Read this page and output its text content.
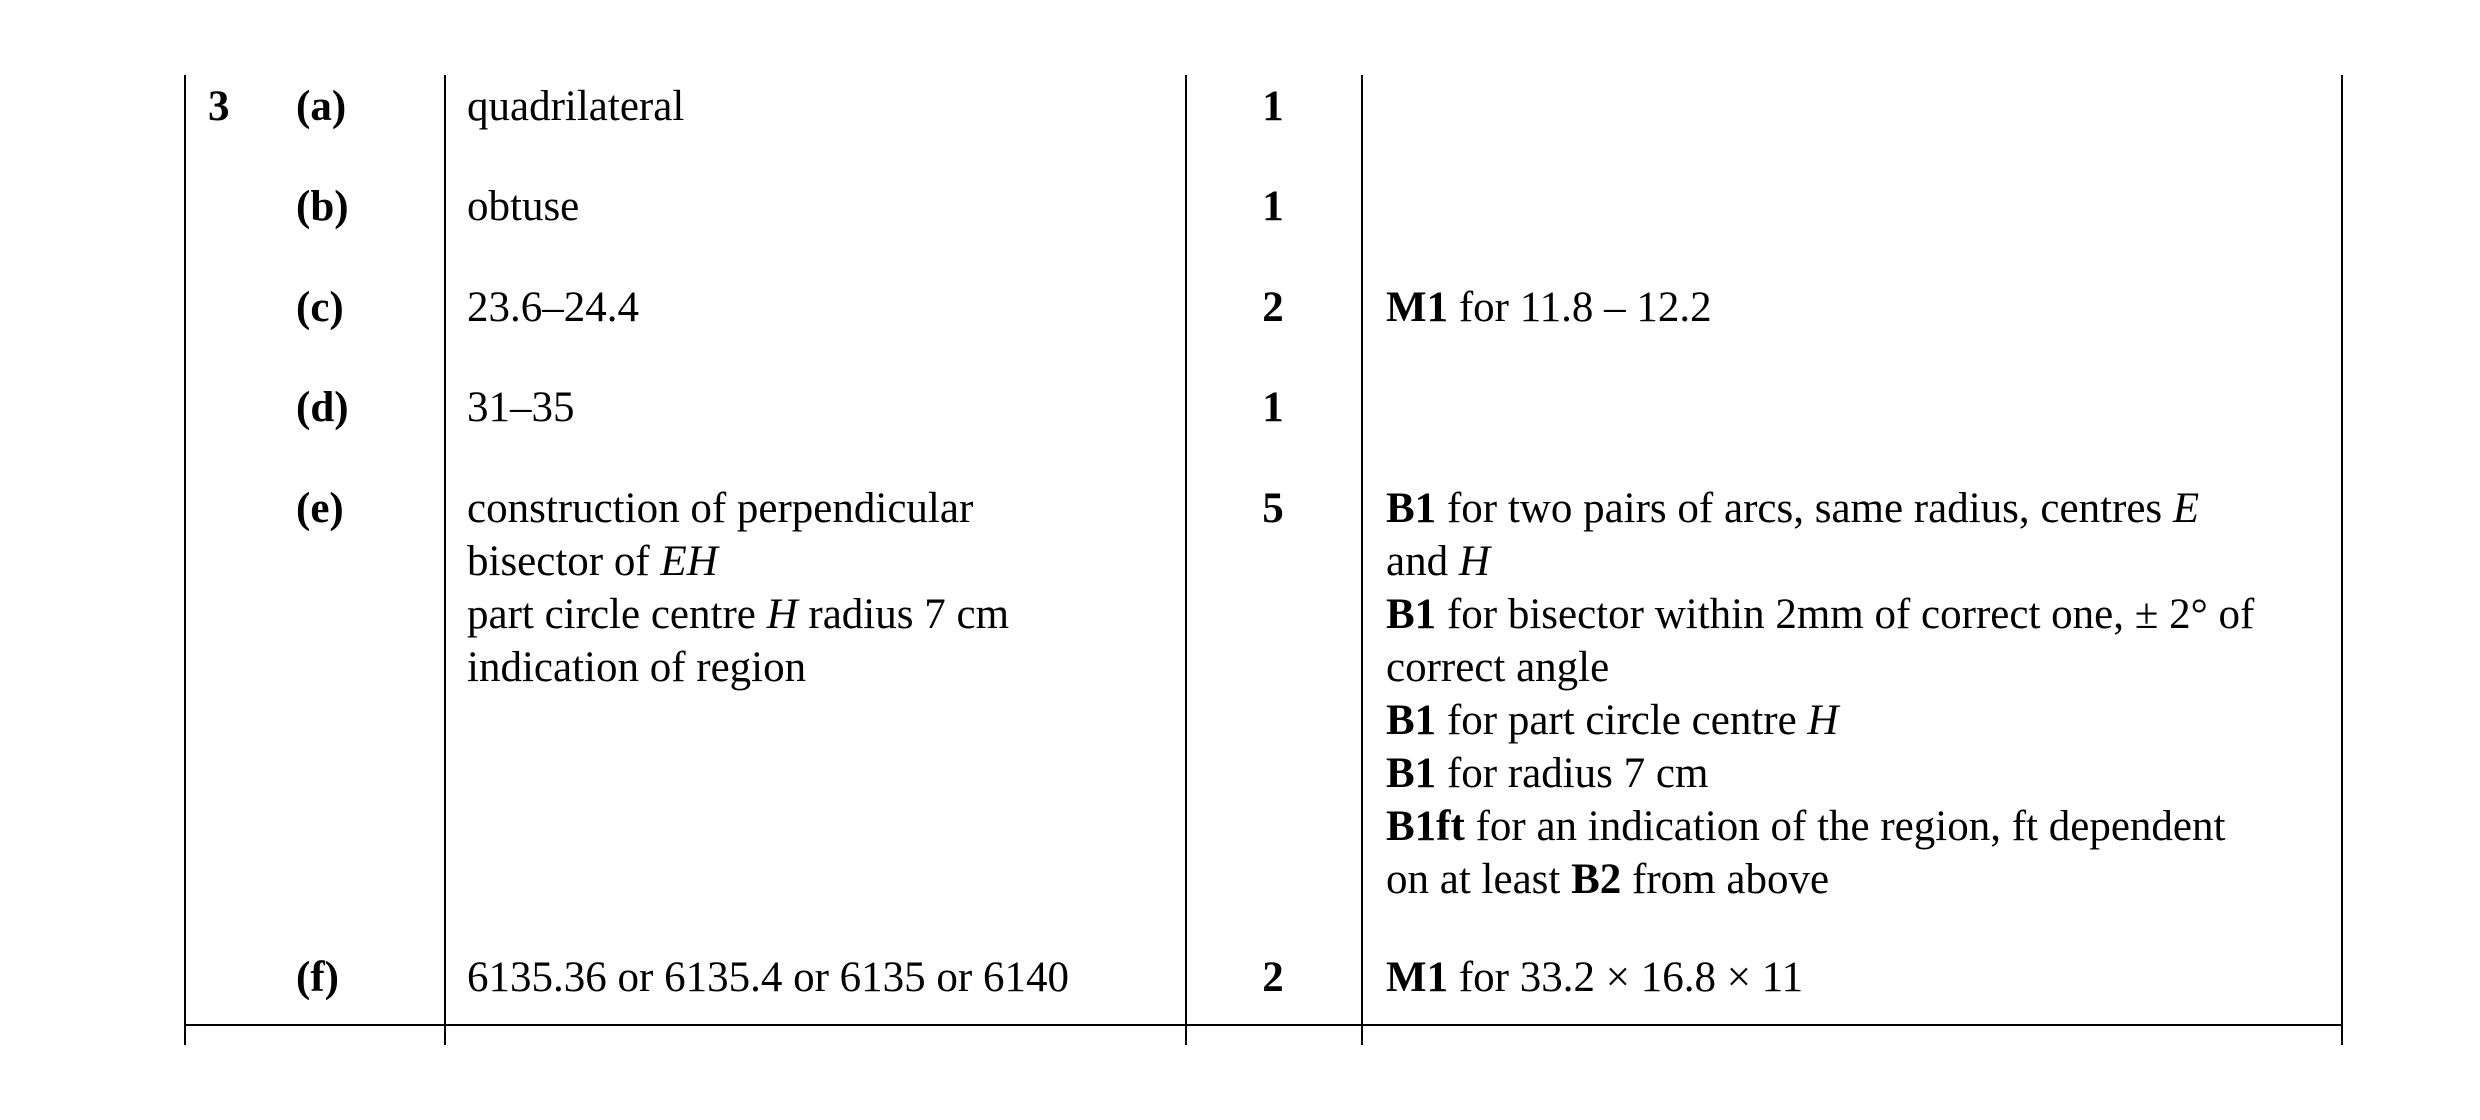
3 (a)	quadrilateral	1
(b)	obtuse	1
(c)	23.6–24.4	2	M1 for 11.8 – 12.2
(d)	31–35	1
(e)	construction of perpendicular
bisector of EH
part circle centre H radius 7 cm
indication of region
5	B1 for two pairs of arcs, same radius, centres E
and H
B1 for bisector within 2mm of correct one, ± 2° of
correct angle
B1 for part circle centre H
B1 for radius 7 cm
B1ft for an indication of the region, ft dependent
on at least B2 from above
(f)	6135.36 or 6135.4 or 6135 or 6140	2	M1 for 33.2 × 16.8 × 11
